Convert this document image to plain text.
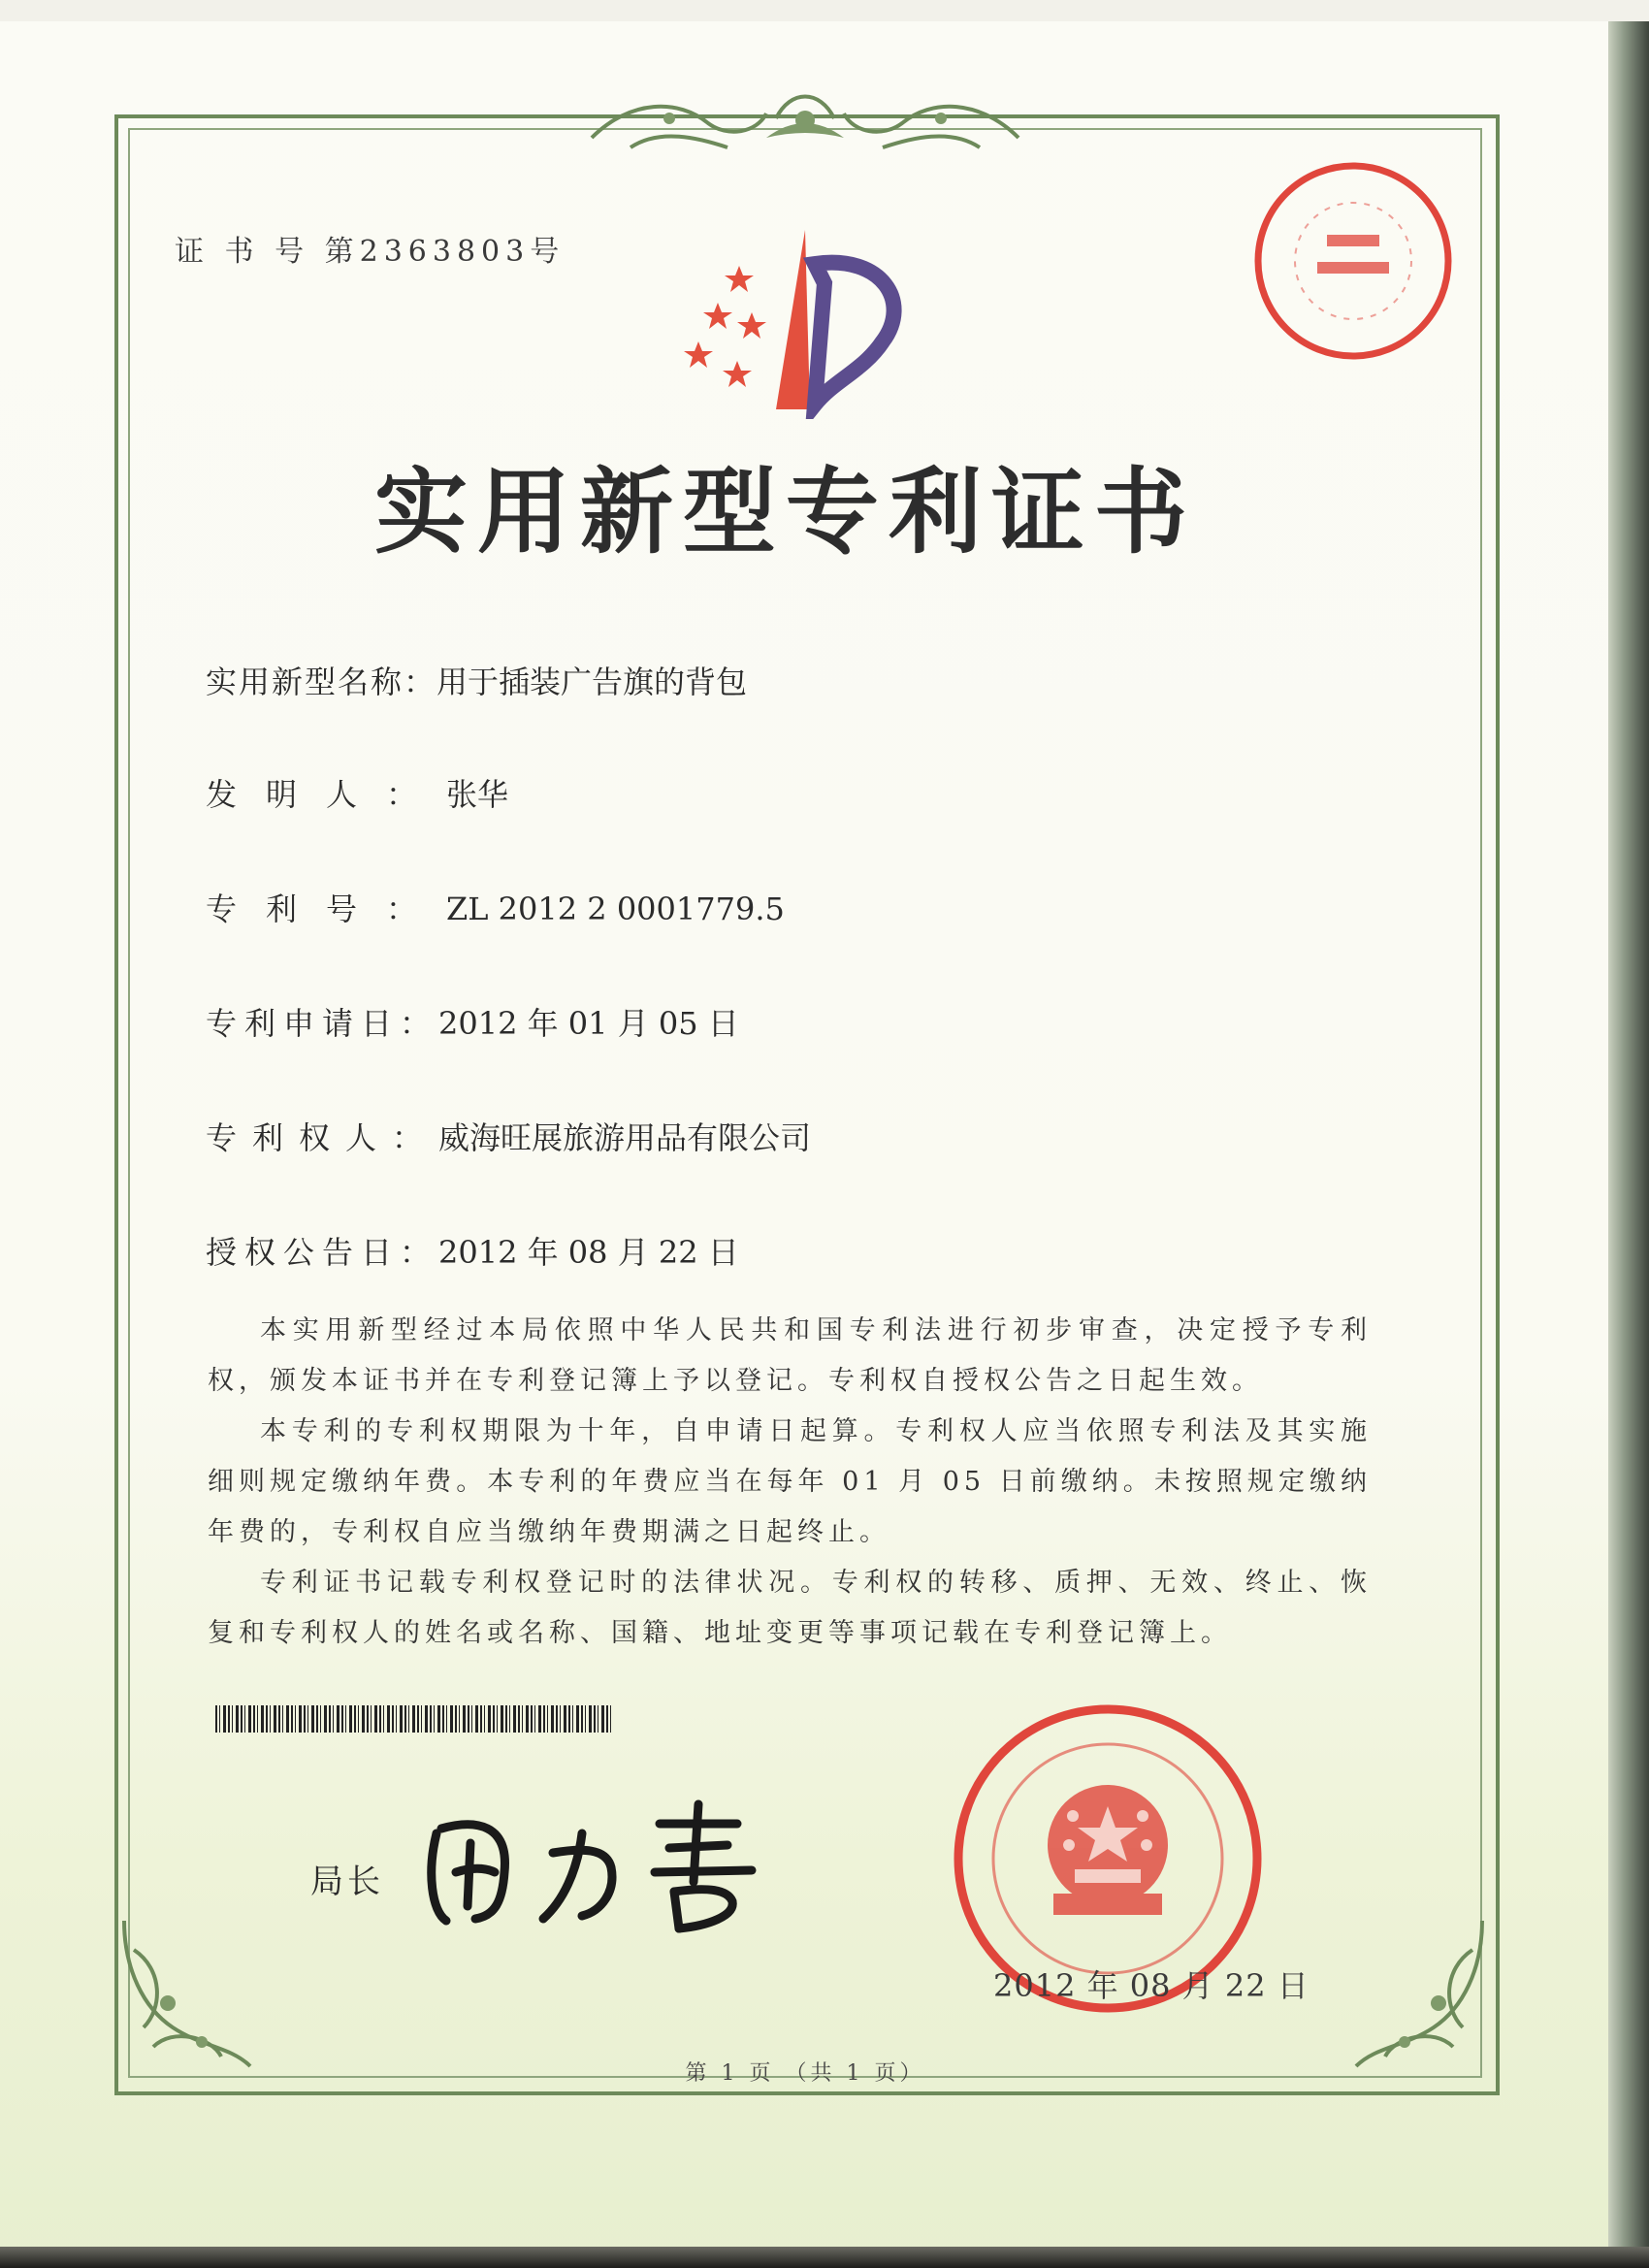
证 书 号 第2363803号
实用新型专利证书
实用新型名称：用于插装广告旗的背包
发明人：张华
专利号：ZL 2012 2 0001779.5
专利申请日：2012 年 01 月 05 日
专利权人：威海旺展旅游用品有限公司
授权公告日：2012 年 08 月 22 日

本实用新型经过本局依照中华人民共和国专利法进行初步审查，决定授予专利权，颁发本证书并在专利登记簿上予以登记。专利权自授权公告之日起生效。

本专利的专利权期限为十年，自申请日起算。专利权人应当依照专利法及其实施细则规定缴纳年费。本专利的年费应当在每年 01 月 05 日前缴纳。未按照规定缴纳年费的，专利权自应当缴纳年费期满之日起终止。

专利证书记载专利权登记时的法律状况。专利权的转移、质押、无效、终止、恢复和专利权人的姓名或名称、国籍、地址变更等事项记载在专利登记簿上。

局长
2012 年 08 月 22 日
第 1 页 （共 1 页）
